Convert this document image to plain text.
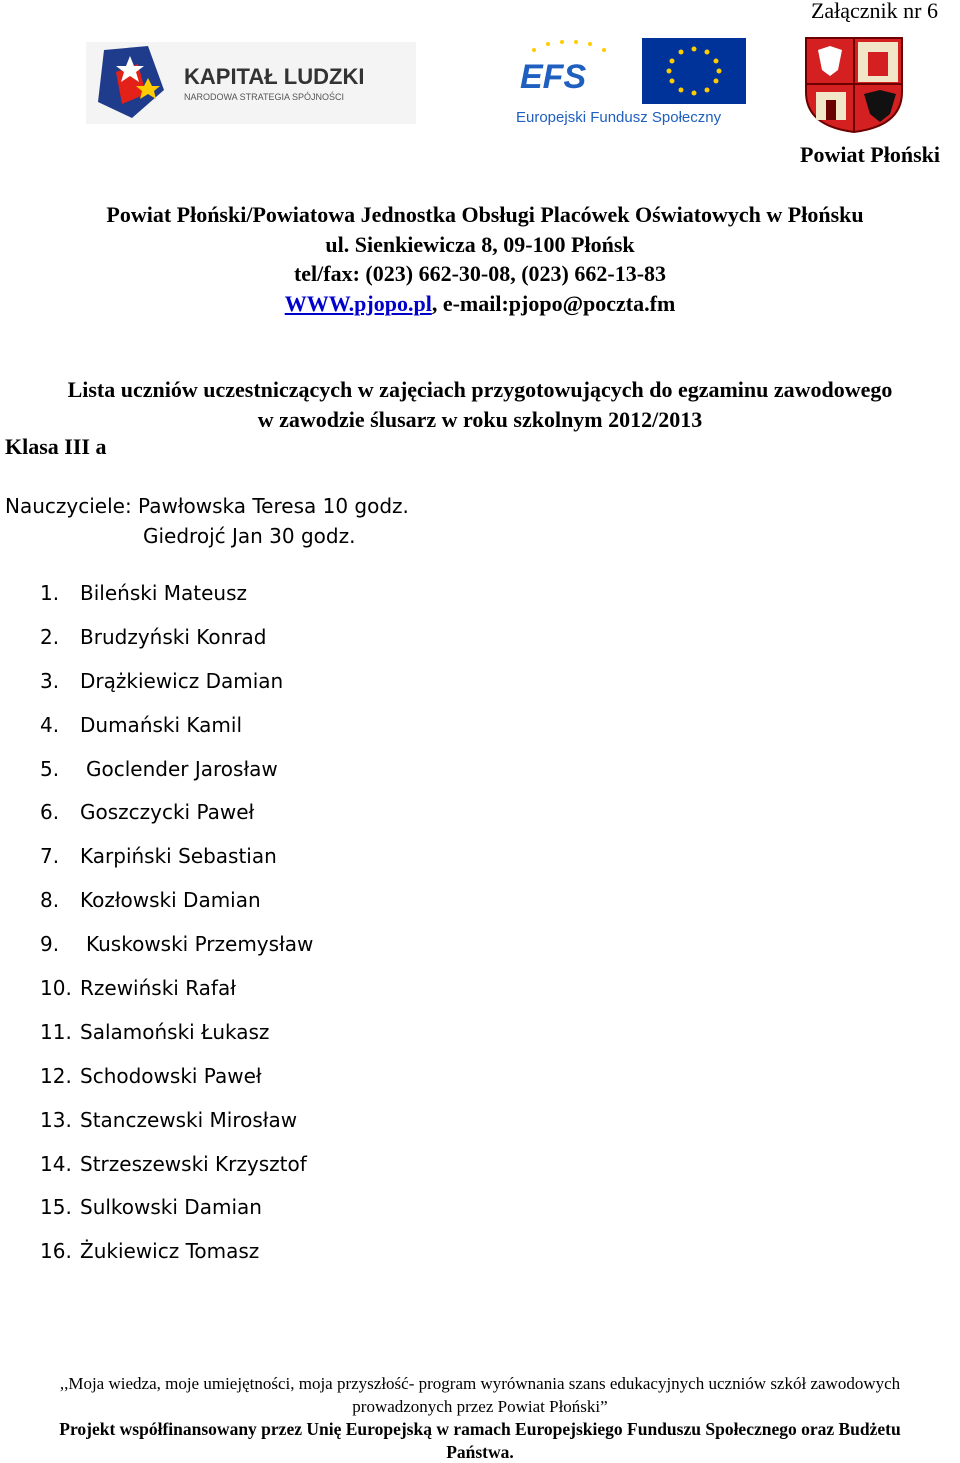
Załącznik nr 6
KAPITAŁ LUDZKI
NARODOWA STRATEGIA SPÓJNOŚCI
EFS
Europejski Fundusz Społeczny
Powiat Płoński
Powiat Płoński/Powiatowa Jednostka Obsługi Placówek Oświatowych w Płońsku
ul. Sienkiewicza 8, 09-100 Płońsk
tel/fax: (023) 662-30-08, (023) 662-13-83
WWW.pjopo.pl, e-mail:pjopo@poczta.fm
Lista uczniów uczestniczących w zajęciach przygotowujących do egzaminu zawodowego
w zawodzie ślusarz w roku szkolnym 2012/2013
Klasa III a
Nauczyciele: Pawłowska Teresa 10 godz.
Giedrojć Jan 30 godz.
1. Bileński Mateusz
2. Brudzyński Konrad
3. Drążkiewicz Damian
4. Dumański Kamil
5. Goclender Jarosław
6. Goszczycki Paweł
7. Karpiński Sebastian
8. Kozłowski Damian
9. Kuskowski Przemysław
10. Rzewiński Rafał
11. Salamoński Łukasz
12. Schodowski Paweł
13. Stanczewski Mirosław
14. Strzeszewski Krzysztof
15. Sulkowski Damian
16. Żukiewicz Tomasz
,,Moja wiedza, moje umiejętności, moja przyszłość- program wyrównania szans edukacyjnych uczniów szkół zawodowych
prowadzonych przez Powiat Płoński”
Projekt współfinansowany przez Unię Europejską w ramach Europejskiego Funduszu Społecznego oraz Budżetu
Państwa.
